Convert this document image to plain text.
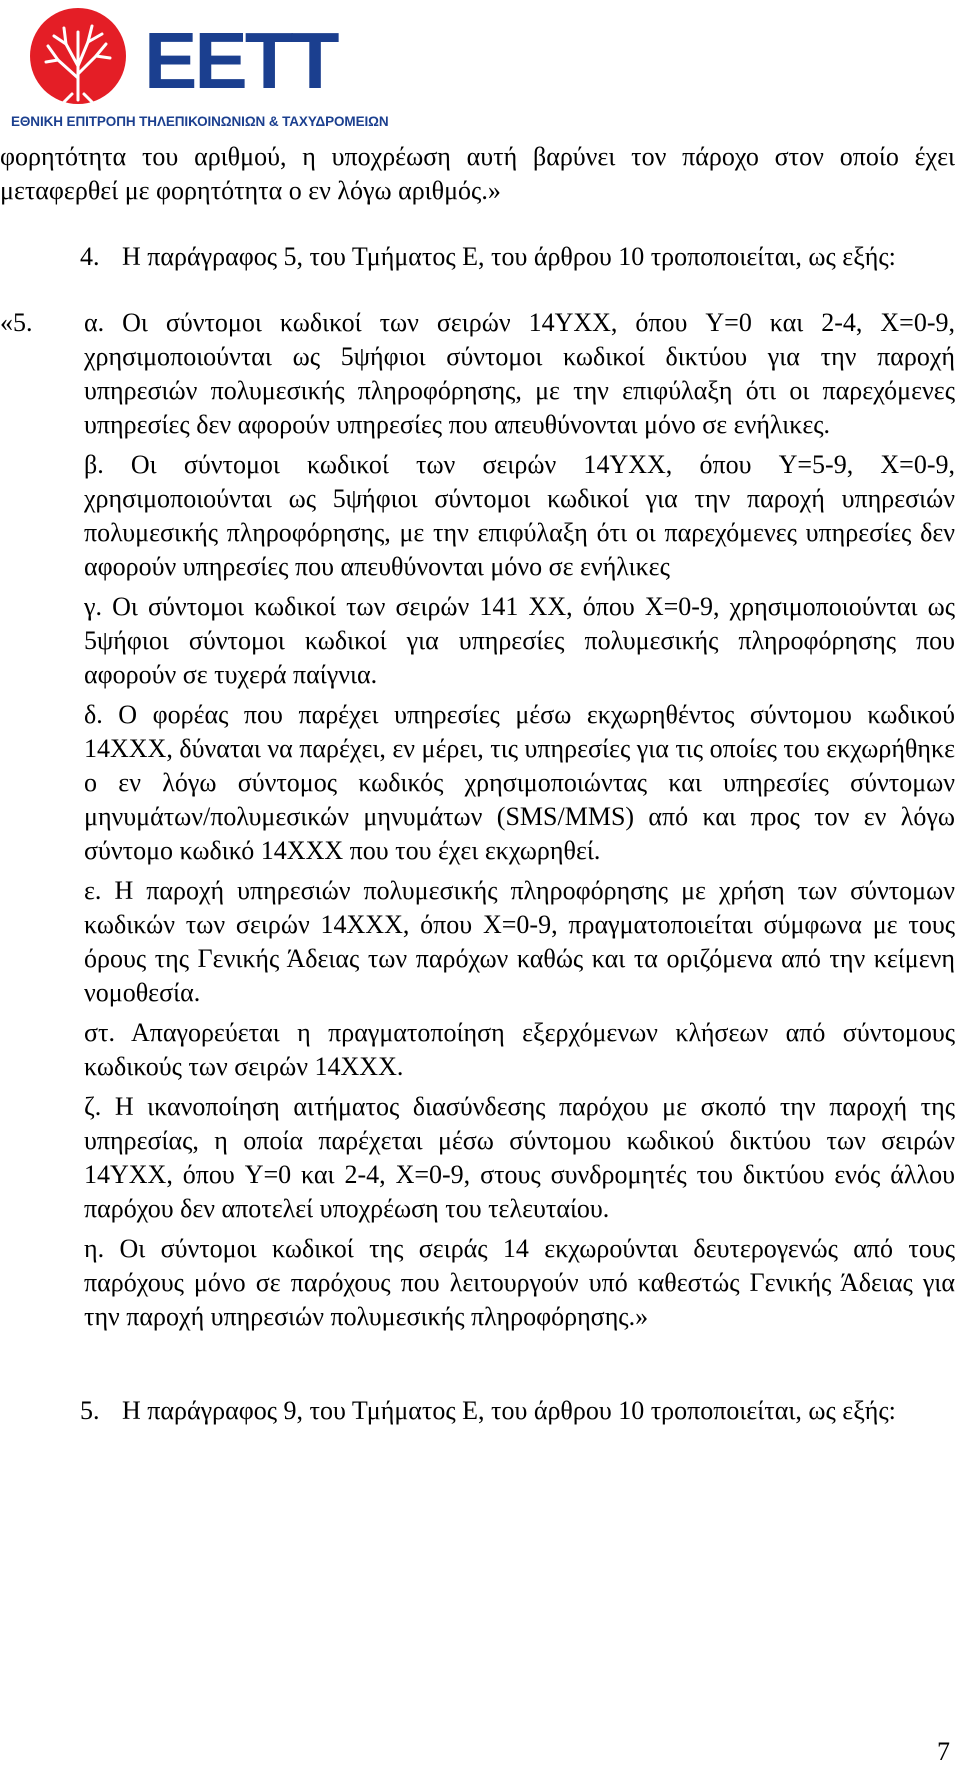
ΕΕΤΤ
ΕΘΝΙΚΗ ΕΠΙΤΡΟΠΗ ΤΗΛΕΠΙΚΟΙΝΩΝΙΩΝ & ΤΑΧΥΔΡΟΜΕΙΩΝ

φορητότητα του αριθμού, η υποχρέωση αυτή βαρύνει τον πάροχο στον οποίο έχει μεταφερθεί με φορητότητα ο εν λόγω αριθμός.»

4. Η παράγραφος 5, του Τμήματος Ε, του άρθρου 10 τροποποιείται, ως εξής:

«5. α. Οι σύντομοι κωδικοί των σειρών 14YXX, όπου Y=0 και 2-4, X=0-9, χρησιμοποιούνται ως 5ψήφιοι σύντομοι κωδικοί δικτύου για την παροχή υπηρεσιών πολυμεσικής πληροφόρησης, με την επιφύλαξη ότι οι παρεχόμενες υπηρεσίες δεν αφορούν υπηρεσίες που απευθύνονται μόνο σε ενήλικες.

β. Οι σύντομοι κωδικοί των σειρών 14YXX, όπου Y=5-9, X=0-9, χρησιμοποιούνται ως 5ψήφιοι σύντομοι κωδικοί για την παροχή υπηρεσιών πολυμεσικής πληροφόρησης, με την επιφύλαξη ότι οι παρεχόμενες υπηρεσίες δεν αφορούν υπηρεσίες που απευθύνονται μόνο σε ενήλικες

γ. Οι σύντομοι κωδικοί των σειρών 141 XX, όπου X=0-9, χρησιμοποιούνται ως 5ψήφιοι σύντομοι κωδικοί για υπηρεσίες πολυμεσικής πληροφόρησης που αφορούν σε τυχερά παίγνια.

δ. Ο φορέας που παρέχει υπηρεσίες μέσω εκχωρηθέντος σύντομου κωδικού 14XXX, δύναται να παρέχει, εν μέρει, τις υπηρεσίες για τις οποίες του εκχωρήθηκε ο εν λόγω σύντομος κωδικός χρησιμοποιώντας και υπηρεσίες σύντομων μηνυμάτων/πολυμεσικών μηνυμάτων (SMS/MMS) από και προς τον εν λόγω σύντομο κωδικό 14XXX που του έχει εκχωρηθεί.

ε. Η παροχή υπηρεσιών πολυμεσικής πληροφόρησης με χρήση των σύντομων κωδικών των σειρών 14XXX, όπου X=0-9, πραγματοποιείται σύμφωνα με τους όρους της Γενικής Άδειας των παρόχων καθώς και τα οριζόμενα από την κείμενη νομοθεσία.

στ. Απαγορεύεται η πραγματοποίηση εξερχόμενων κλήσεων από σύντομους κωδικούς των σειρών 14XXX.

ζ. Η ικανοποίηση αιτήματος διασύνδεσης παρόχου με σκοπό την παροχή της υπηρεσίας, η οποία παρέχεται μέσω σύντομου κωδικού δικτύου των σειρών 14YXX, όπου Y=0 και 2-4, X=0-9, στους συνδρομητές του δικτύου ενός άλλου παρόχου δεν αποτελεί υποχρέωση του τελευταίου.

η. Οι σύντομοι κωδικοί της σειράς 14 εκχωρούνται δευτερογενώς από τους παρόχους μόνο σε παρόχους που λειτουργούν υπό καθεστώς Γενικής Άδειας για την παροχή υπηρεσιών πολυμεσικής πληροφόρησης.»

5. Η παράγραφος 9, του Τμήματος Ε, του άρθρου 10 τροποποιείται, ως εξής:

7
